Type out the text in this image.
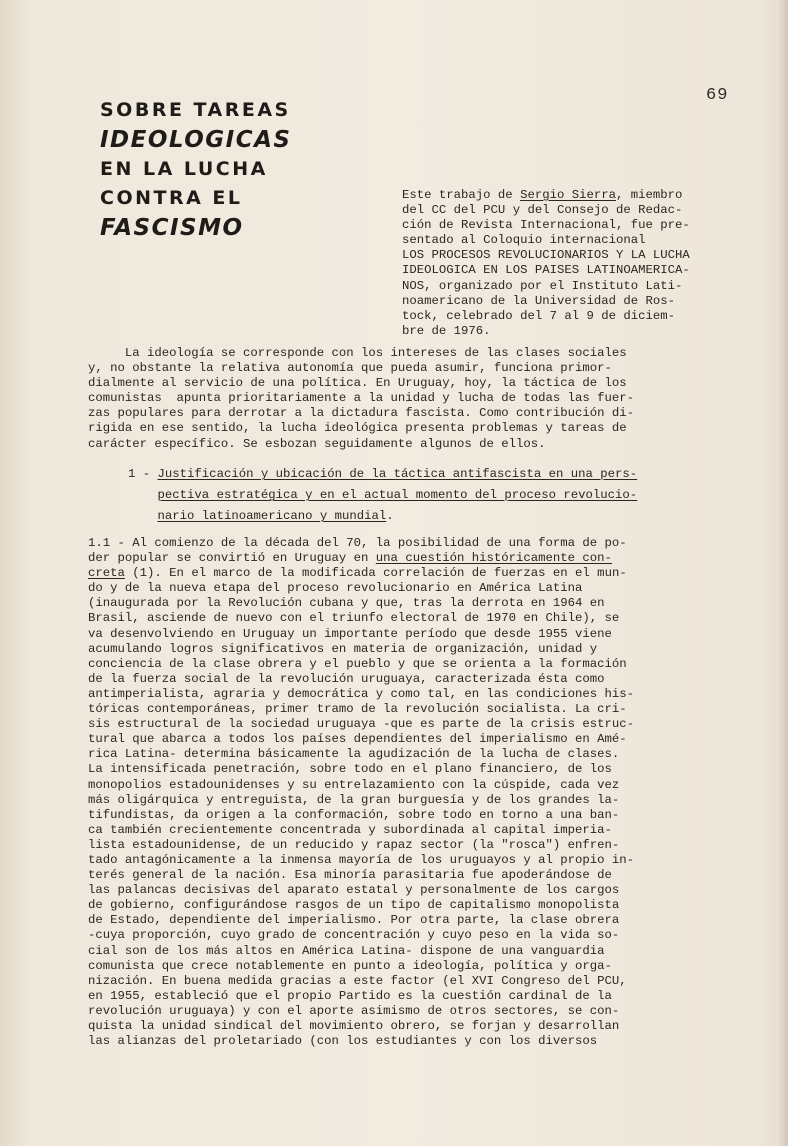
69
SOBRE TAREAS
IDEOLOGICAS
EN LA LUCHA
CONTRA EL
FASCISMO
Este trabajo de Sergio Sierra, miembro
del CC del PCU y del Consejo de Redac-
ción de Revista Internacional, fue pre-
sentado al Coloquio internacional
LOS PROCESOS REVOLUCIONARIOS Y LA LUCHA
IDEOLOGICA EN LOS PAISES LATINOAMERICA-
NOS, organizado por el Instituto Lati-
noamericano de la Universidad de Ros-
tock, celebrado del 7 al 9 de diciem-
bre de 1976.
La ideología se corresponde con los intereses de las clases sociales
y, no obstante la relativa autonomía que pueda asumir, funciona primor-
dialmente al servicio de una política. En Uruguay, hoy, la táctica de los
comunistas  apunta prioritariamente a la unidad y lucha de todas las fuer-
zas populares para derrotar a la dictadura fascista. Como contribución di-
rigida en ese sentido, la lucha ideológica presenta problemas y tareas de
carácter específico. Se esbozan seguidamente algunos de ellos.
1 - Justificación y ubicación de la táctica antifascista en una pers-
pectiva estratégica y en el actual momento del proceso revolucio-
nario latinoamericano y mundial.
1.1 - Al comienzo de la década del 70, la posibilidad de una forma de po-
der popular se convirtió en Uruguay en una cuestión históricamente con-
creta (1). En el marco de la modificada correlación de fuerzas en el mun-
do y de la nueva etapa del proceso revolucionario en América Latina
(inaugurada por la Revolución cubana y que, tras la derrota en 1964 en
Brasil, asciende de nuevo con el triunfo electoral de 1970 en Chile), se
va desenvolviendo en Uruguay un importante período que desde 1955 viene
acumulando logros significativos en materia de organización, unidad y
conciencia de la clase obrera y el pueblo y que se orienta a la formación
de la fuerza social de la revolución uruguaya, caracterizada ésta como
antimperialista, agraria y democrática y como tal, en las condiciones his-
tóricas contemporáneas, primer tramo de la revolución socialista. La cri-
sis estructural de la sociedad uruguaya -que es parte de la crisis estruc-
tural que abarca a todos los países dependientes del imperialismo en Amé-
rica Latina- determina básicamente la agudización de la lucha de clases.
La intensificada penetración, sobre todo en el plano financiero, de los
monopolios estadounidenses y su entrelazamiento con la cúspide, cada vez
más oligárquica y entreguista, de la gran burguesía y de los grandes la-
tifundistas, da origen a la conformación, sobre todo en torno a una ban-
ca también crecientemente concentrada y subordinada al capital imperia-
lista estadounidense, de un reducido y rapaz sector (la "rosca") enfren-
tado antagónicamente a la inmensa mayoría de los uruguayos y al propio in-
terés general de la nación. Esa minoría parasitaria fue apoderándose de
las palancas decisivas del aparato estatal y personalmente de los cargos
de gobierno, configurándose rasgos de un tipo de capitalismo monopolista
de Estado, dependiente del imperialismo. Por otra parte, la clase obrera
-cuya proporción, cuyo grado de concentración y cuyo peso en la vida so-
cial son de los más altos en América Latina- dispone de una vanguardia
comunista que crece notablemente en punto a ideología, política y orga-
nización. En buena medida gracias a este factor (el XVI Congreso del PCU,
en 1955, estableció que el propio Partido es la cuestión cardinal de la
revolución uruguaya) y con el aporte asimismo de otros sectores, se con-
quista la unidad sindical del movimiento obrero, se forjan y desarrollan
las alianzas del proletariado (con los estudiantes y con los diversos
